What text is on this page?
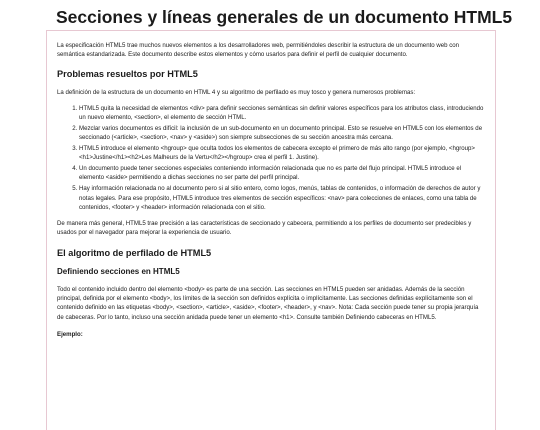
Secciones y líneas generales de un documento HTML5

La especificación HTML5 trae muchos nuevos elementos a los desarrolladores web, permitiéndoles describir la estructura de un documento web con semántica estandarizada. Este documento describe estos elementos y cómo usarlos para definir el perfil de cualquier documento.

Problemas resueltos por HTML5

La definición de la estructura de un documento en HTML 4 y su algoritmo de perfilado es muy tosco y genera numerosos problemas:

1. HTML5 quita la necesidad de elementos <div> para definir secciones semánticas sin definir valores específicos para los atributos class, introduciendo un nuevo elemento, <section>, el elemento de sección HTML.
2. Mezclar varios documentos es difícil: la inclusión de un sub-documento en un documento principal. Esto se resuelve en HTML5 con los elementos de seccionado (<article>, <section>, <nav> y <aside>) son siempre subsecciones de su sección ancestra más cercana.
3. HTML5 introduce el elemento <hgroup> que oculta todos los elementos de cabecera excepto el primero de más alto rango (por ejemplo, <hgroup><h1>Justine</h1><h2>Les Malheurs de la Vertu</h2></hgroup> crea el perfil 1. Justine).
4. Un documento puede tener secciones especiales conteniendo información relacionada que no es parte del flujo principal. HTML5 introduce el elemento <aside> permitiendo a dichas secciones no ser parte del perfil principal.
5. Hay información relacionada no al documento pero si al sitio entero, como logos, menús, tablas de contenidos, o información de derechos de autor y notas legales. Para ese propósito, HTML5 introduce tres elementos de sección específicos: <nav> para colecciones de enlaces, como una tabla de contenidos, <footer> y <header> información relacionada con el sitio.

De manera más general, HTML5 trae precisión a las características de seccionado y cabecera, permitiendo a los perfiles de documento ser predecibles y usados por el navegador para mejorar la experiencia de usuario.

El algoritmo de perfilado de HTML5
Definiendo secciones en HTML5

Todo el contenido incluido dentro del elemento <body> es parte de una sección. Las secciones en HTML5 pueden ser anidadas. Además de la sección principal, definida por el elemento <body>, los límites de la sección son definidos explícita o implícitamente. Las secciones definidas explícitamente son el contenido definido en las etiquetas <body>, <section>, <article>, <aside>, <footer>, <header>, y <nav>. Nota: Cada sección puede tener su propia jerarquía de cabeceras. Por lo tanto, incluso una sección anidada puede tener un elemento <h1>. Consulte también Definiendo cabeceras en HTML5.

Ejemplo:
